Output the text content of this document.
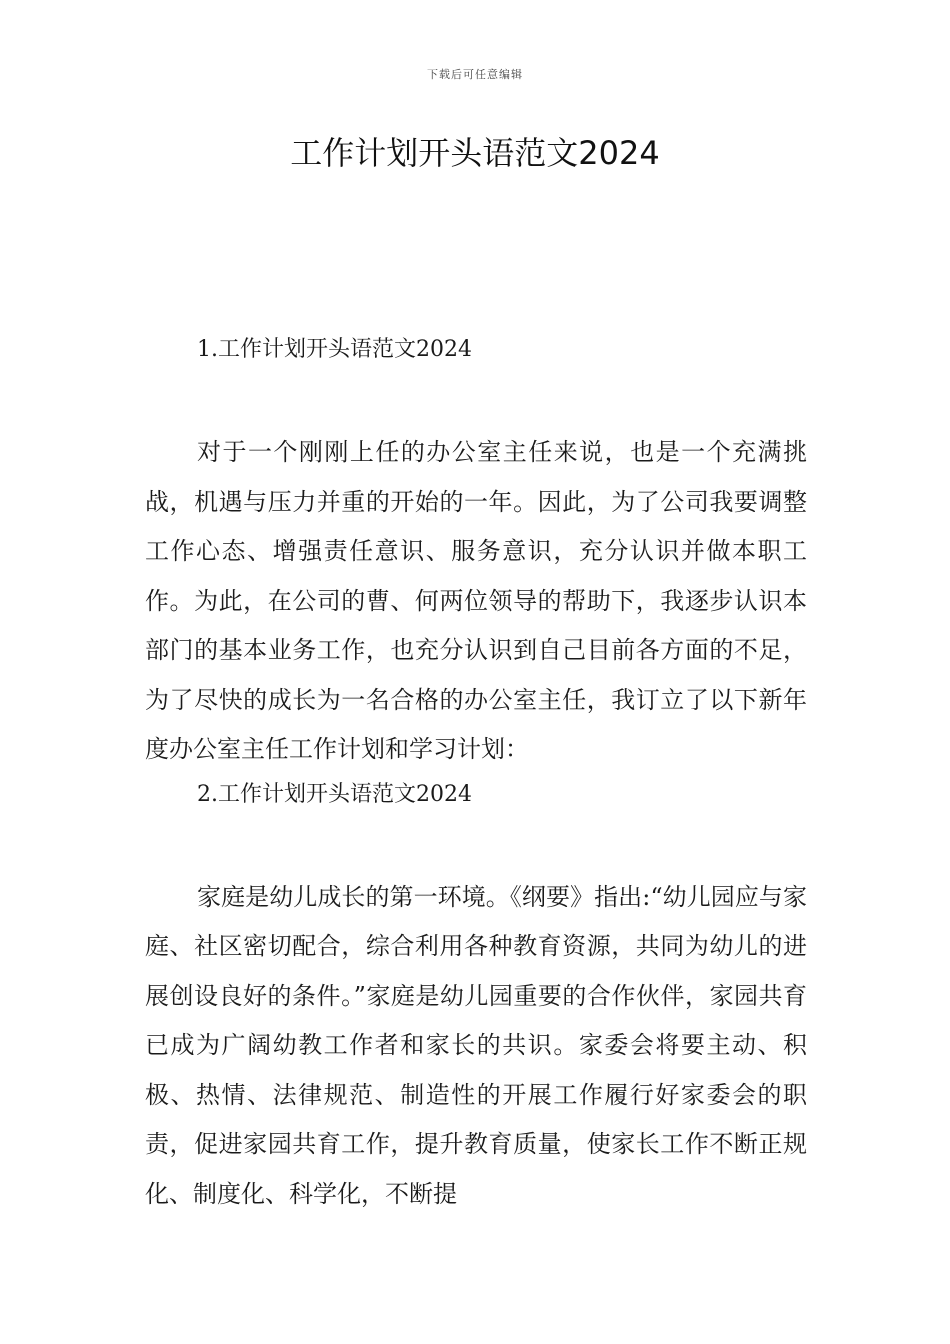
下载后可任意编辑
工作计划开头语范文2024

1.工作计划开头语范文2024

对于一个刚刚上任的办公室主任来说，也是一个充满挑战，机遇与压力并重的开始的一年。因此，为了公司我要调整工作心态、增强责任意识、服务意识，充分认识并做本职工作。为此，在公司的曹、何两位领导的帮助下，我逐步认识本部门的基本业务工作，也充分认识到自己目前各方面的不足，为了尽快的成长为一名合格的办公室主任，我订立了以下新年度办公室主任工作计划和学习计划：

2.工作计划开头语范文2024

家庭是幼儿成长的第一环境。《纲要》指出:“幼儿园应与家庭、社区密切配合，综合利用各种教育资源，共同为幼儿的进展创设良好的条件。”家庭是幼儿园重要的合作伙伴，家园共育已成为广阔幼教工作者和家长的共识。家委会将要主动、积极、热情、法律规范、制造性的开展工作履行好家委会的职责，促进家园共育工作，提升教育质量，使家长工作不断正规化、制度化、科学化，不断提
